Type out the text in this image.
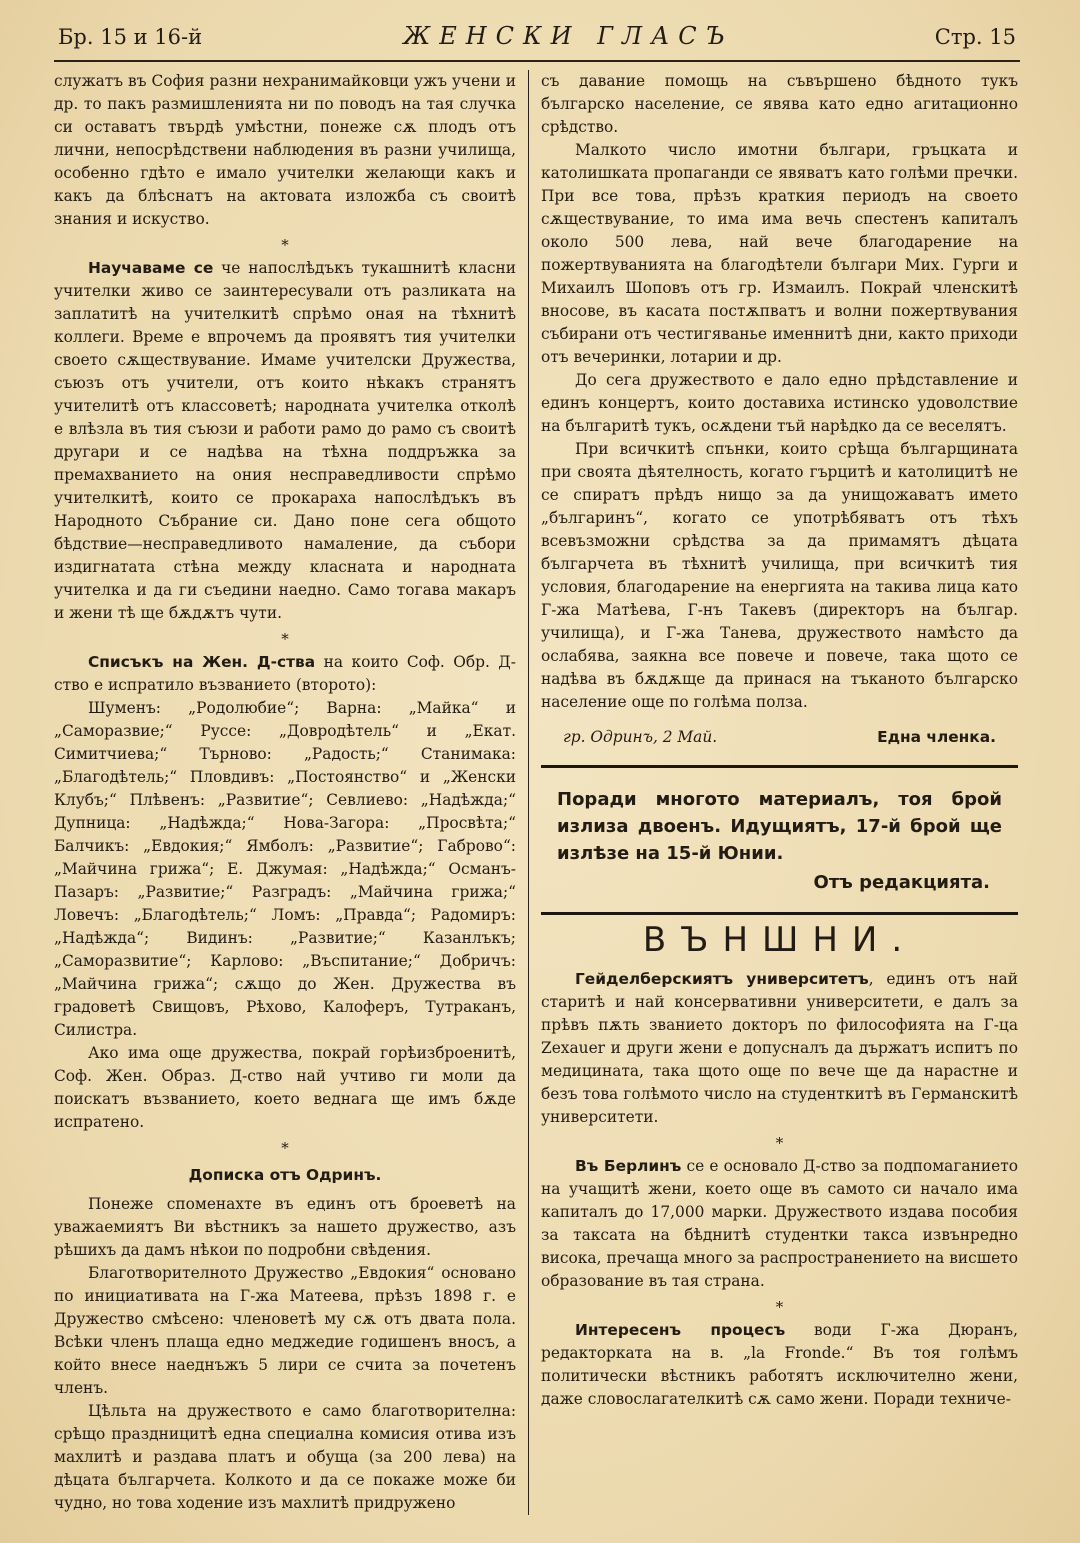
Бр. 15 и 16-й	ЖЕНСКИ ГЛАСЪ	Стр. 15

служатъ въ София разни нехранимайковци ужъ учени и др. то пакъ размишленията ни по поводъ на тая случка си оставатъ твърдѣ умѣстни, понеже сѫ плодъ отъ лични, непосрѣдствени наблюдения въ разни училища, особенно гдѣто е имало учителки желающи какъ и какъ да блѣснатъ на актовата изложба съ своитѣ знания и искуство.

*

Научаваме се че напослѣдъкъ тукашнитѣ класни учителки живо се заинтересували отъ разликата на заплатитѣ на учителкитѣ спрѣмо оная на тѣхнитѣ коллеги. Време е впрочемъ да проявятъ тия учителки своето сѫществувание. Имаме учителски Дружества, съюзъ отъ учители, отъ които нѣкакъ странятъ учителитѣ отъ классоветѣ; народната учителка отколѣ е влѣзла въ тия съюзи и работи рамо до рамо съ своитѣ другари и се надѣва на тѣхна поддръжка за премахванието на ония несправедливости спрѣмо учителкитѣ, които се прокараха напослѣдъкъ въ Народното Събрание си. Дано поне сега общото бѣдствие—несправедливото намаление, да събори издигнатата стѣна между класната и народната учителка и да ги съедини наедно. Само тогава макаръ и жени тѣ ще бѫдѫтъ чути.

*

Списъкъ на Жен. Д-ства на които Соф. Обр. Д-ство е испратило възванието (второто):

Шуменъ: „Родолюбие“; Варна: „Майка“ и „Саморазвие;“ Руссе: „Довродѣтель“ и „Екат. Симитчиева;“ Търново: „Радость;“ Станимака: „Благодѣтель;“ Пловдивъ: „Постоянство“ и „Женски Клубъ;“ Плѣвенъ: „Развитие“; Севлиево: „Надѣжда;“ Дупница: „Надѣжда;“ Нова-Загора: „Просвѣта;“ Балчикъ: „Евдокия;“ Ямболъ: „Развитие“; Габрово“: „Майчина грижа“; Е. Джумая: „Надѣжда;“ Османъ-Пазаръ: „Развитие;“ Разградъ: „Майчина грижа;“ Ловечъ: „Благодѣтель;“ Ломъ: „Правда“; Радомиръ: „Надѣжда“; Видинъ: „Развитие;“ Казанлъкъ; „Саморазвитие“; Карлово: „Въспитание;“ Добричъ: „Майчина грижа“; сѫщо до Жен. Дружества въ градоветѣ Свищовъ, Рѣхово, Калоферъ, Тутраканъ, Силистра.

Ако има още дружества, покрай горѣизброенитѣ, Соф. Жен. Образ. Д-ство най учтиво ги моли да поискатъ възванието, което веднага ще имъ бѫде испратено.

*
Дописка отъ Одринъ.

Понеже споменахте въ единъ отъ броеветѣ на уважаемиятъ Ви вѣстникъ за нашето дружество, азъ рѣшихъ да дамъ нѣкои по подробни свѣдения.

Благотворителното Дружество „Евдокия“ основано по инициативата на Г-жа Матеева, прѣзъ 1898 г. е Дружество смѣсено: членоветѣ му сѫ отъ двата пола. Всѣки членъ плаща едно меджедие годишенъ вносъ, а който внесе наеднъжъ 5 лири се счита за почетенъ членъ.

Цѣльта на дружеството е само благотворителна: срѣщо праздницитѣ една специална комисия отива изъ махлитѣ и раздава платъ и обуща (за 200 лева) на дѣцата българчета. Колкото и да се покаже може би чудно, но това ходение изъ махлитѣ придружено

съ давание помощь на съвършено бѣдното тукъ българско население, се явява като едно агитационно срѣдство.

Малкото число имотни българи, гръцката и католишката пропаганди се явяватъ като голѣми пречки. При все това, прѣзъ краткия периодъ на своето сѫществувание, то има има вечь спестенъ капиталъ около 500 лева, най вече благодарение на пожертвуванията на благодѣтели българи Мих. Гурги и Михаилъ Шоповъ отъ гр. Измаилъ. Покрай членскитѣ вносове, въ касата постѫпватъ и волни пожертвувания събирани отъ честигяванье именнитѣ дни, както приходи отъ вечеринки, лотарии и др.

До сега дружеството е дало едно прѣдставление и единъ концертъ, които доставиха истинско удоволствие на българитѣ тукъ, осѫдени тъй нарѣдко да се веселятъ.

При всичкитѣ спънки, които срѣща българщината при своята дѣятелность, когато гърцитѣ и католицитѣ не се спиратъ прѣдъ нищо за да унищожаватъ името „българинъ“, когато се употрѣбяватъ отъ тѣхъ всевъзможни срѣдства за да примамятъ дѣцата българчета въ тѣхнитѣ училища, при всичкитѣ тия условия, благодарение на енергията на такива лица като Г-жа Матѣева, Г-нъ Такевъ (директоръ на българ. училища), и Г-жа Танева, дружеството намѣсто да ослабява, заякна все повече и повече, така щото се надѣва въ бѫдѫще да принася на тъканото българско население още по голѣма полза.

гр. Одринъ, 2 Май.	Една членка.

Поради многото материалъ, тоя брой излиза двоенъ. Идущиятъ, 17-й брой ще излѣзе на 15-й Юнии.

Отъ редакцията.
ВЪНШНИ.

Гейделберскиятъ университетъ, единъ отъ най старитѣ и най консервативни университети, е далъ за прѣвъ пѫть званието докторъ по философията на Г-ца Zexauer и други жени е допусналъ да държатъ испитъ по медицината, така щото още по вече ще да нарастне и безъ това голѣмото число на студенткитѣ въ Германскитѣ университети.

*

Въ Берлинъ се е основало Д-ство за подпомаганието на учащитѣ жени, което още въ самото си начало има капиталъ до 17,000 марки. Дружеството издава пособия за таксата на бѣднитѣ студентки такса извънредно висока, пречаща много за распространението на висшето образование въ тая страна.

*

Интересенъ процесъ води Г-жа Дюранъ, редакторката на в. „la Fronde.“ Въ тоя голѣмъ политически вѣстникъ работятъ исключително жени, даже словослагателкитѣ сѫ само жени. Поради техниче-
